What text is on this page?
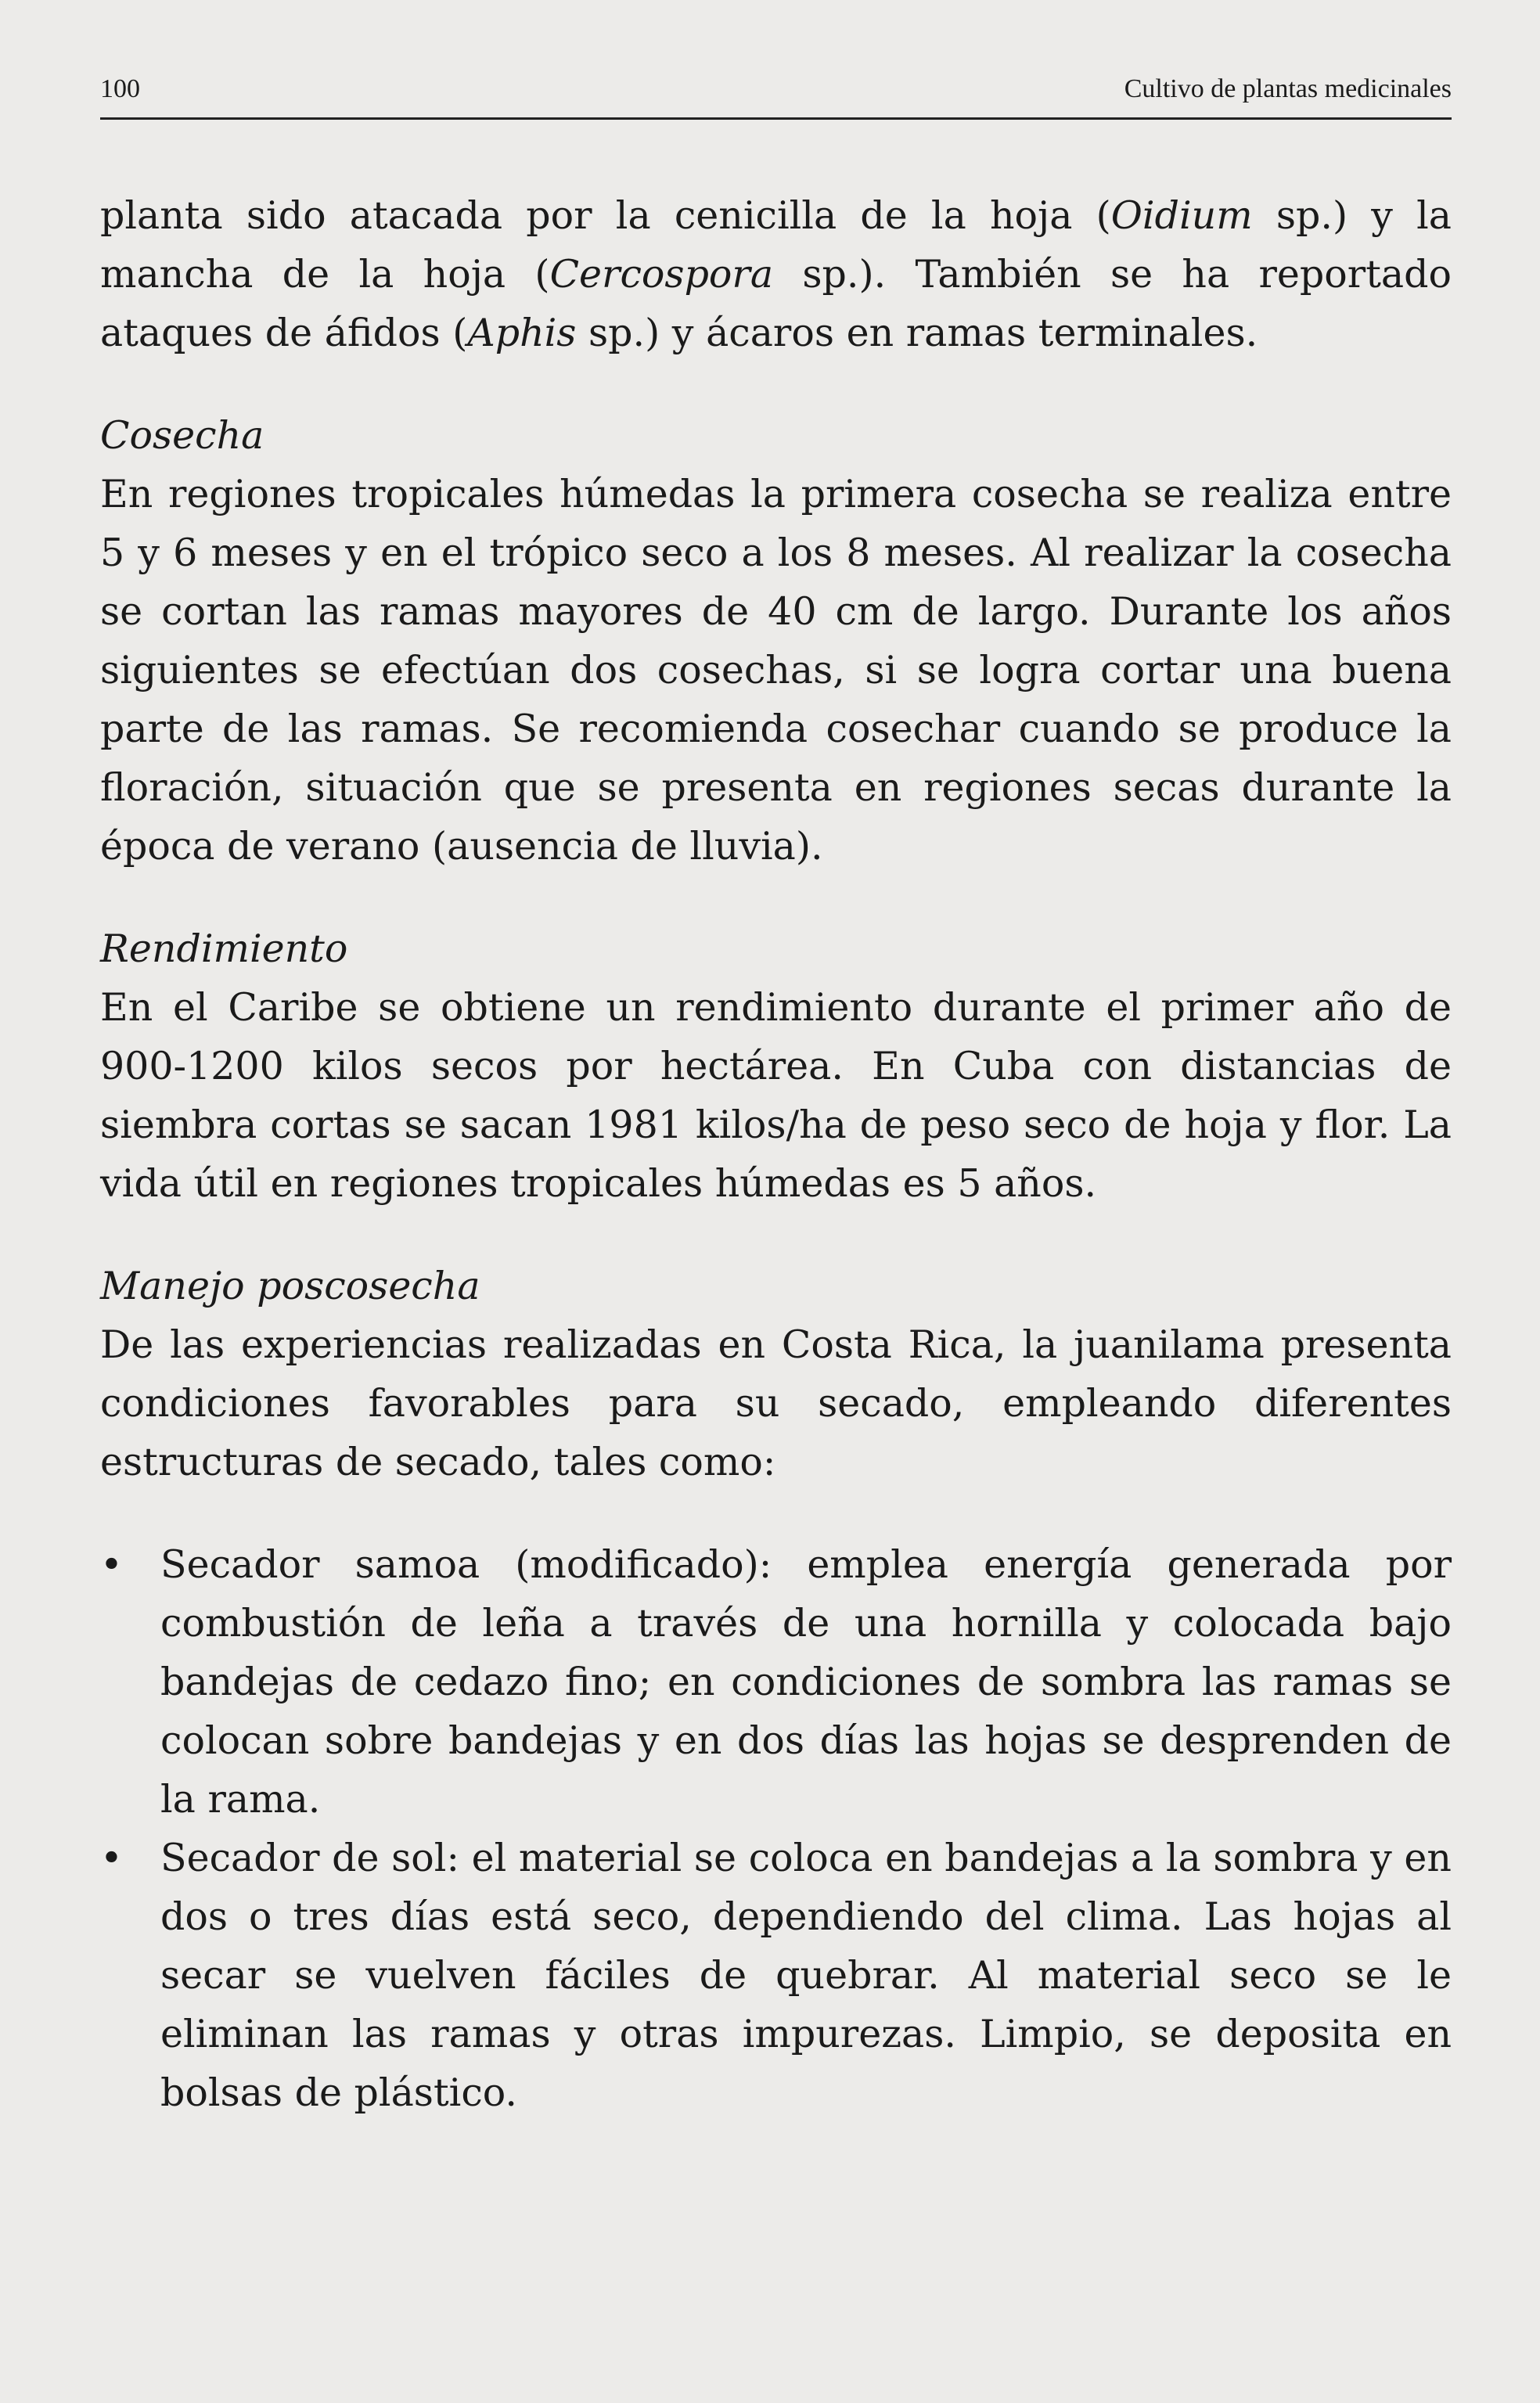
100	Cultivo de plantas medicinales

planta sido atacada por la cenicilla de la hoja (Oidium sp.) y la mancha de la hoja (Cercospora sp.). También se ha reportado ataques de áfidos (Aphis sp.) y ácaros en ramas terminales.

Cosecha

En regiones tropicales húmedas la primera cosecha se realiza entre 5 y 6 meses y en el trópico seco a los 8 meses. Al realizar la cosecha se cortan las ramas mayores de 40 cm de largo. Durante los años siguientes se efectúan dos cosechas, si se logra cortar una buena parte de las ramas. Se recomienda cosechar cuando se produce la floración, situación que se presenta en regiones secas durante la época de verano (ausencia de lluvia).

Rendimiento

En el Caribe se obtiene un rendimiento durante el primer año de 900-1200 kilos secos por hectárea. En Cuba con distancias de siembra cortas se sacan 1981 kilos/ha de peso seco de hoja y flor. La vida útil en regiones tropicales húmedas es 5 años.

Manejo poscosecha

De las experiencias realizadas en Costa Rica, la juanilama presenta condiciones favorables para su secado, empleando diferentes estructuras de secado, tales como:

• Secador samoa (modificado): emplea energía generada por combustión de leña a través de una hornilla y colocada bajo bandejas de cedazo fino; en condiciones de sombra las ramas se colocan sobre bandejas y en dos días las hojas se desprenden de la rama.
• Secador de sol: el material se coloca en bandejas a la sombra y en dos o tres días está seco, dependiendo del clima. Las hojas al secar se vuelven fáciles de quebrar. Al material seco se le eliminan las ramas y otras impurezas. Limpio, se deposita en bolsas de plástico.
